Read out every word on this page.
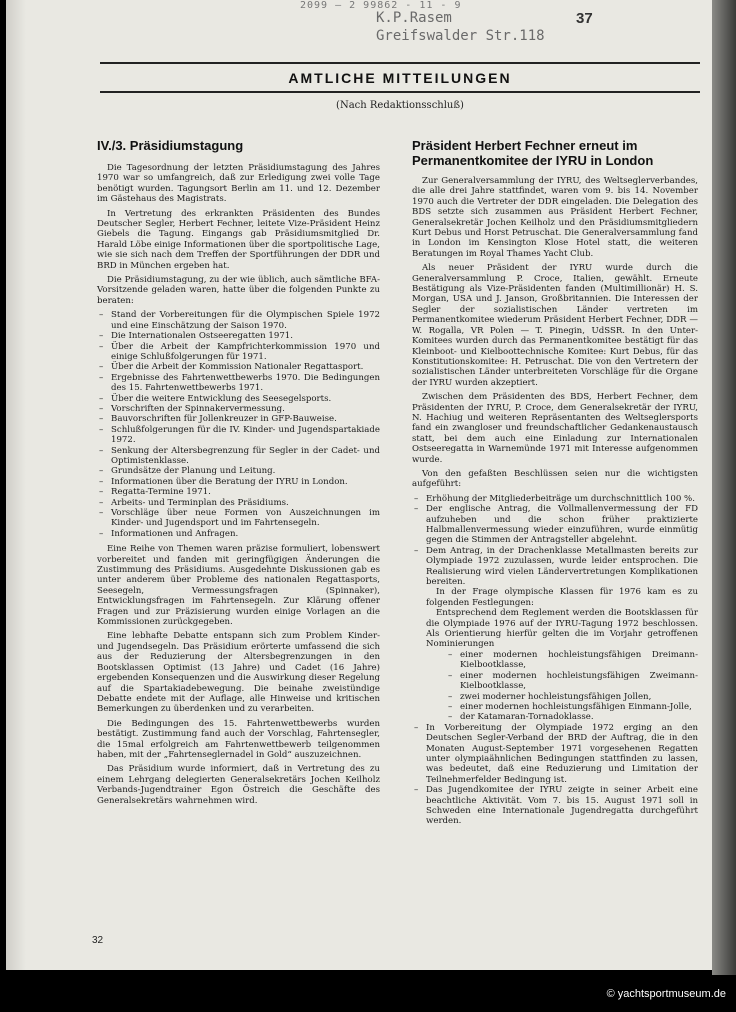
2099 — 2 99862 - 11 - 9
K.P.Rasem
Greifswalder Str.118
37
AMTLICHE MITTEILUNGEN
(Nach Redaktionsschluß)
IV./3. Präsidiumstagung

Die Tagesordnung der letzten Präsidiumstagung des Jahres 1970 war so umfangreich, daß zur Erledigung zwei volle Tage benötigt wurden. Tagungsort Berlin am 11. und 12. Dezember im Gästehaus des Magistrats.

In Vertretung des erkrankten Präsidenten des Bundes Deutscher Segler, Herbert Fechner, leitete Vize-Präsident Heinz Giebels die Tagung. Eingangs gab Präsidiumsmitglied Dr. Harald Löbe einige Informationen über die sportpolitische Lage, wie sie sich nach dem Treffen der Sportführungen der DDR und BRD in München ergeben hat.

Die Präsidiumstagung, zu der wie üblich, auch sämtliche BFA-Vorsitzende geladen waren, hatte über die folgenden Punkte zu beraten:

– Stand der Vorbereitungen für die Olympischen Spiele 1972 und eine Einschätzung der Saison 1970.
– Die Internationalen Ostseeregatten 1971.
– Über die Arbeit der Kampfrichterkommission 1970 und einige Schlußfolgerungen für 1971.
– Über die Arbeit der Kommission Nationaler Regattasport.
– Ergebnisse des Fahrtenwettbewerbs 1970. Die Bedingungen des 15. Fahrtenwettbewerbs 1971.
– Über die weitere Entwicklung des Seesegelsports.
– Vorschriften der Spinnakervermessung.
– Bauvorschriften für Jollenkreuzer in GFP-Bauweise.
– Schlußfolgerungen für die IV. Kinder- und Jugendspartakiade 1972.
– Senkung der Altersbegrenzung für Segler in der Cadet- und Optimistenklasse.
– Grundsätze der Planung und Leitung.
– Informationen über die Beratung der IYRU in London.
– Regatta-Termine 1971.
– Arbeits- und Terminplan des Präsidiums.
– Vorschläge über neue Formen von Auszeichnungen im Kinder- und Jugendsport und im Fahrtensegeln.
– Informationen und Anfragen.

Eine Reihe von Themen waren präzise formuliert, lobenswert vorbereitet und fanden mit geringfügigen Änderungen die Zustimmung des Präsidiums. Ausgedehnte Diskussionen gab es unter anderem über Probleme des nationalen Regattasports, Seesegeln, Vermessungsfragen (Spinnaker), Entwicklungsfragen im Fahrtensegeln. Zur Klärung offener Fragen und zur Präzisierung wurden einige Vorlagen an die Kommissionen zurückgegeben.

Eine lebhafte Debatte entspann sich zum Problem Kinder- und Jugendsegeln. Das Präsidium erörterte umfassend die sich aus der Reduzierung der Altersbegrenzungen in den Bootsklassen Optimist (13 Jahre) und Cadet (16 Jahre) ergebenden Konsequenzen und die Auswirkung dieser Regelung auf die Spartakiadebewegung. Die beinahe zweistündige Debatte endete mit der Auflage, alle Hinweise und kritischen Bemerkungen zu überdenken und zu verarbeiten.

Die Bedingungen des 15. Fahrtenwettbewerbs wurden bestätigt. Zustimmung fand auch der Vorschlag, Fahrtensegler, die 15mal erfolgreich am Fahrtenwettbewerb teilgenommen haben, mit der „Fahrtenseglernadel in Gold“ auszuzeichnen.

Das Präsidium wurde informiert, daß in Vertretung des zu einem Lehrgang delegierten Generalsekretärs Jochen Keilholz Verbands-Jugendtrainer Egon Östreich die Geschäfte des Generalsekretärs wahrnehmen wird.

Präsident Herbert Fechner erneut im Permanentkomitee der IYRU in London

Zur Generalversammlung der IYRU, des Weltseglerverbandes, die alle drei Jahre stattfindet, waren vom 9. bis 14. November 1970 auch die Vertreter der DDR eingeladen. Die Delegation des BDS setzte sich zusammen aus Präsident Herbert Fechner, Generalsekretär Jochen Keilholz und den Präsidiumsmitgliedern Kurt Debus und Horst Petruschat. Die Generalversammlung fand in London im Kensington Klose Hotel statt, die weiteren Beratungen im Royal Thames Yacht Club.

Als neuer Präsident der IYRU wurde durch die Generalversammlung P. Croce, Italien, gewählt. Erneute Bestätigung als Vize-Präsidenten fanden (Multimillionär) H. S. Morgan, USA und J. Janson, Großbritannien. Die Interessen der Segler der sozialistischen Länder vertreten im Permanentkomitee wiederum Präsident Herbert Fechner, DDR — W. Rogalla, VR Polen — T. Pinegin, UdSSR. In den Unter-Komitees wurden durch das Permanentkomitee bestätigt für das Kleinboot- und Kielboottechnische Komitee: Kurt Debus, für das Konstitutionskomitee: H. Petruschat. Die von den Vertretern der sozialistischen Länder unterbreiteten Vorschläge für die Organe der IYRU wurden akzeptiert.

Zwischen dem Präsidenten des BDS, Herbert Fechner, dem Präsidenten der IYRU, P. Croce, dem Generalsekretär der IYRU, N. Hachiug und weiteren Repräsentanten des Weltseglersports fand ein zwangloser und freundschaftlicher Gedankenaustausch statt, bei dem auch eine Einladung zur Internationalen Ostseeregatta in Warnemünde 1971 mit Interesse aufgenommen wurde.

Von den gefaßten Beschlüssen seien nur die wichtigsten aufgeführt:

– Erhöhung der Mitgliederbeiträge um durchschnittlich 100 %.
– Der englische Antrag, die Vollmallenvermessung der FD aufzuheben und die schon früher praktizierte Halbmallenvermessung wieder einzuführen, wurde einmütig gegen die Stimmen der Antragsteller abgelehnt.
– Dem Antrag, in der Drachenklasse Metallmasten bereits zur Olympiade 1972 zuzulassen, wurde leider entsprochen. Die Realisierung wird vielen Ländervertretungen Komplikationen bereiten.
In der Frage olympische Klassen für 1976 kam es zu folgenden Festlegungen:
Entsprechend dem Reglement werden die Bootsklassen für die Olympiade 1976 auf der IYRU-Tagung 1972 beschlossen. Als Orientierung hierfür gelten die im Vorjahr getroffenen Nominierungen
– einer modernen hochleistungsfähigen Dreimann-Kielbootklasse,
– einer modernen hochleistungsfähigen Zweimann-Kielbootklasse,
– zwei moderner hochleistungsfähigen Jollen,
– einer modernen hochleistungsfähigen Einmann-Jolle,
– der Katamaran-Tornadoklasse.
– In Vorbereitung der Olympiade 1972 erging an den Deutschen Segler-Verband der BRD der Auftrag, die in den Monaten August-September 1971 vorgesehenen Regatten unter olympiaähnlichen Bedingungen stattfinden zu lassen, was bedeutet, daß eine Reduzierung und Limitation der Teilnehmerfelder Bedingung ist.
– Das Jugendkomitee der IYRU zeigte in seiner Arbeit eine beachtliche Aktivität. Vom 7. bis 15. August 1971 soll in Schweden eine Internationale Jugendregatta durchgeführt werden.
32
© yachtsportmuseum.de
